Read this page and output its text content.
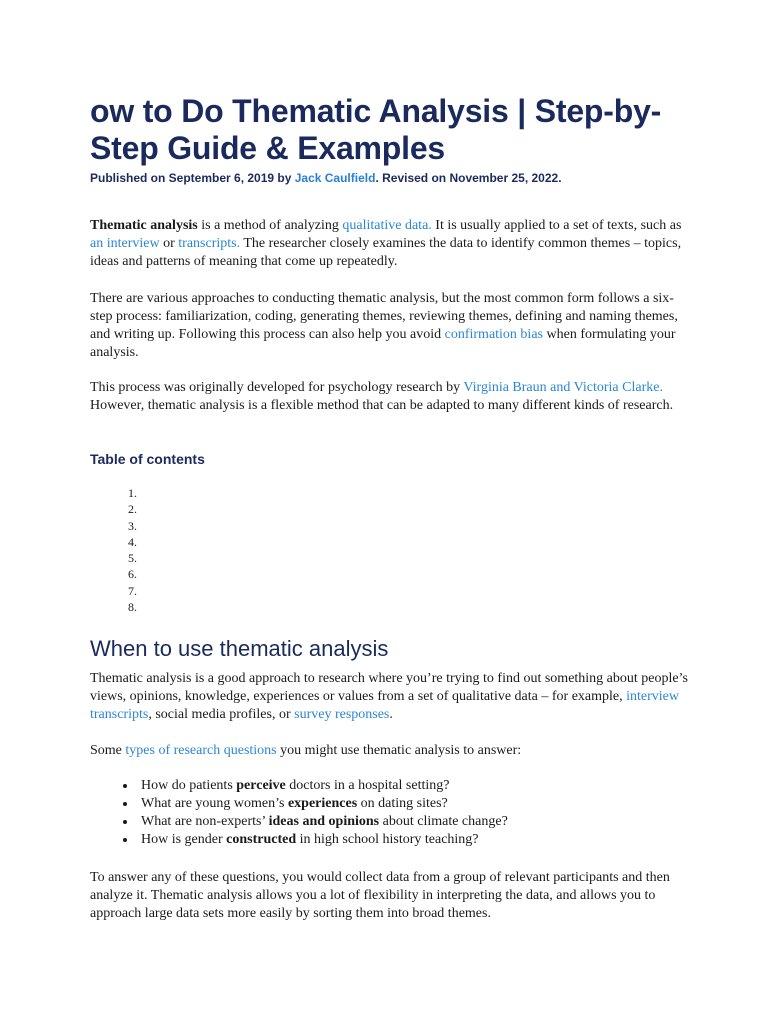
ow to Do Thematic Analysis | Step-by-Step Guide & Examples

Published on September 6, 2019 by Jack Caulfield. Revised on November 25, 2022.

Thematic analysis is a method of analyzing qualitative data. It is usually applied to a set of texts, such as an interview or transcripts. The researcher closely examines the data to identify common themes – topics, ideas and patterns of meaning that come up repeatedly.

There are various approaches to conducting thematic analysis, but the most common form follows a six-step process: familiarization, coding, generating themes, reviewing themes, defining and naming themes, and writing up. Following this process can also help you avoid confirmation bias when formulating your analysis.

This process was originally developed for psychology research by Virginia Braun and Victoria Clarke. However, thematic analysis is a flexible method that can be adapted to many different kinds of research.

Table of contents
When to use thematic analysis

Thematic analysis is a good approach to research where you’re trying to find out something about people’s views, opinions, knowledge, experiences or values from a set of qualitative data – for example, interview transcripts, social media profiles, or survey responses.

Some types of research questions you might use thematic analysis to answer:

• How do patients perceive doctors in a hospital setting?
• What are young women’s experiences on dating sites?
• What are non-experts’ ideas and opinions about climate change?
• How is gender constructed in high school history teaching?

To answer any of these questions, you would collect data from a group of relevant participants and then analyze it. Thematic analysis allows you a lot of flexibility in interpreting the data, and allows you to approach large data sets more easily by sorting them into broad themes.
